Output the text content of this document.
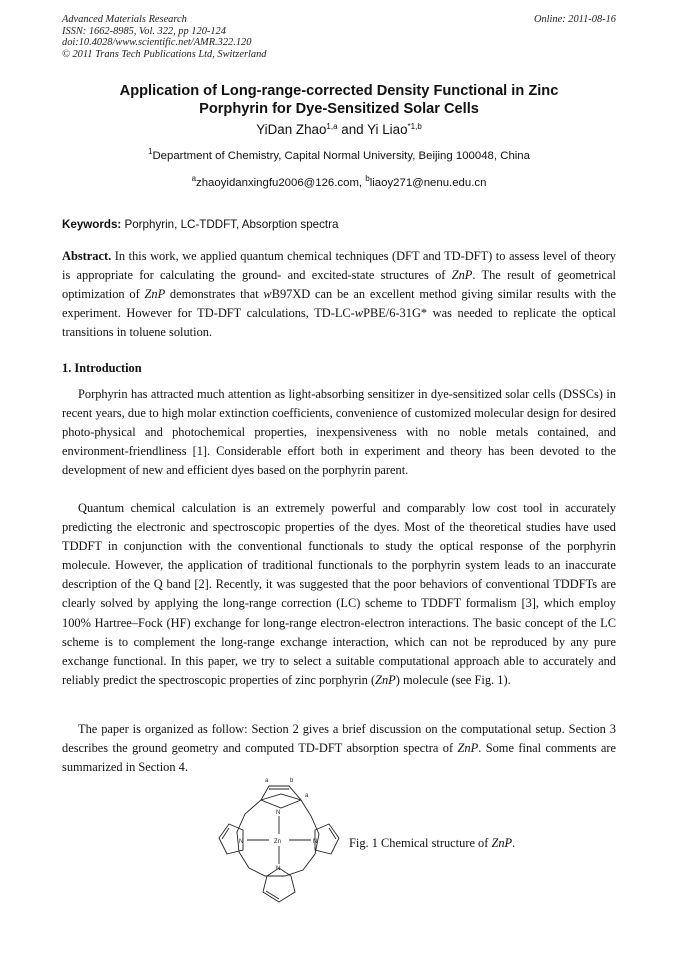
Advanced Materials Research
ISSN: 1662-8985, Vol. 322, pp 120-124
doi:10.4028/www.scientific.net/AMR.322.120
© 2011 Trans Tech Publications Ltd, Switzerland
Online: 2011-08-16
Application of Long-range-corrected Density Functional in Zinc
Porphyrin for Dye-Sensitized Solar Cells
YiDan Zhao$^{1,a}$ and Yi Liao$^{*1,b}$
$^1$Department of Chemistry, Capital Normal University, Beijing 100048, China
$^a$zhaoyidanxingfu2006@126.com, $^b$liaoy271@nenu.edu.cn
Keywords: Porphyrin, LC-TDDFT, Absorption spectra
Abstract. In this work, we applied quantum chemical techniques (DFT and TD-DFT) to assess level of theory is appropriate for calculating the ground- and excited-state structures of ZnP. The result of geometrical optimization of ZnP demonstrates that wB97XD can be an excellent method giving similar results with the experiment. However for TD-DFT calculations, TD-LC-wPBE/6-31G* was needed to replicate the optical transitions in toluene solution.
1. Introduction
Porphyrin has attracted much attention as light-absorbing sensitizer in dye-sensitized solar cells (DSSCs) in recent years, due to high molar extinction coefficients, convenience of customized molecular design for desired photo-physical and photochemical properties, inexpensiveness with no noble metals contained, and environment-friendliness [1]. Considerable effort both in experiment and theory has been devoted to the development of new and efficient dyes based on the porphyrin parent.
Quantum chemical calculation is an extremely powerful and comparably low cost tool in accurately predicting the electronic and spectroscopic properties of the dyes. Most of the theoretical studies have used TDDFT in conjunction with the conventional functionals to study the optical response of the porphyrin molecule. However, the application of traditional functionals to the porphyrin system leads to an inaccurate description of the Q band [2]. Recently, it was suggested that the poor behaviors of conventional TDDFTs are clearly solved by applying the long-range correction (LC) scheme to TDDFT formalism [3], which employ 100% Hartree–Fock (HF) exchange for long-range electron-electron interactions. The basic concept of the LC scheme is to complement the long-range exchange interaction, which can not be reproduced by any pure exchange functional. In this paper, we try to select a suitable computational approach able to accurately and reliably predict the spectroscopic properties of zinc porphyrin (ZnP) molecule (see Fig. 1).
The paper is organized as follow: Section 2 gives a brief discussion on the computational setup. Section 3 describes the ground geometry and computed TD-DFT absorption spectra of ZnP. Some final comments are summarized in Section 4.
N
N
N
N
Zn
a	b
a
Fig. 1 Chemical structure of ZnP.
